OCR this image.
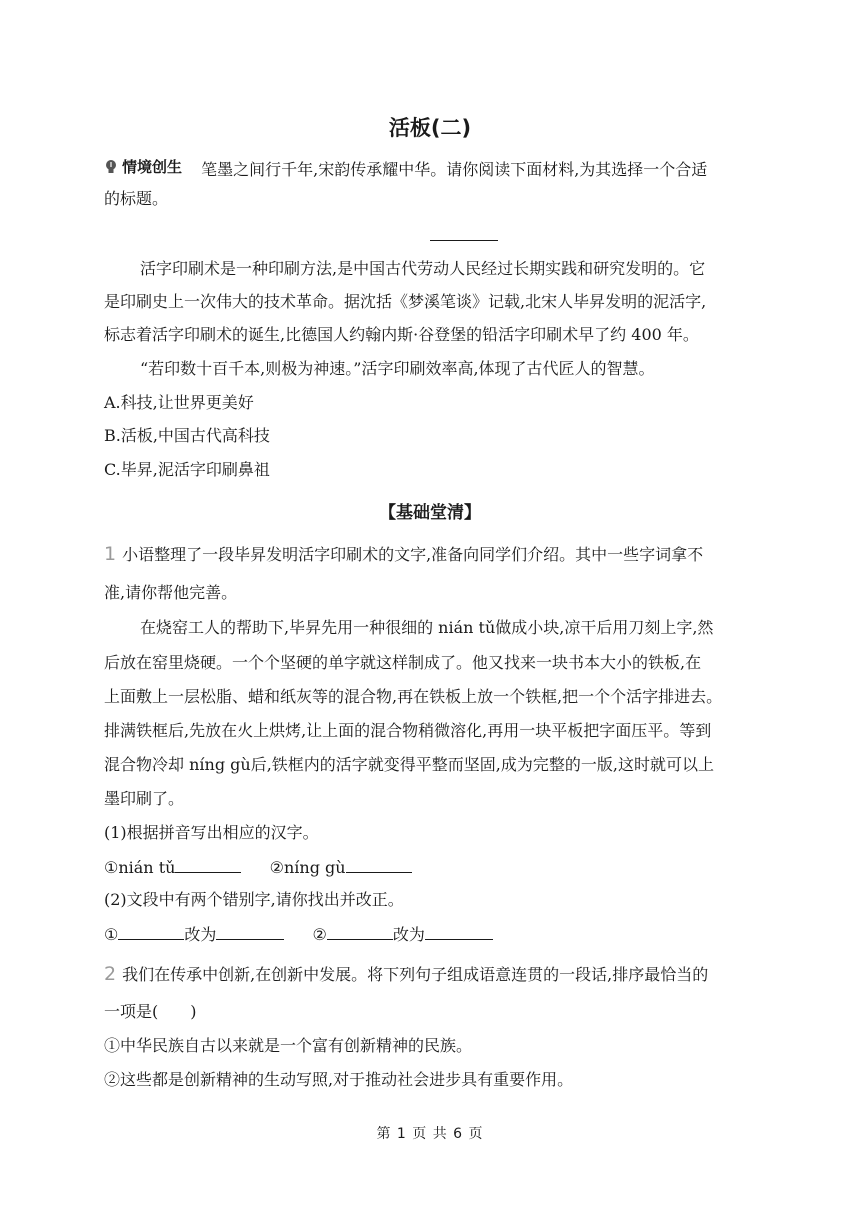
活板(二)
情境创生 笔墨之间行千年,宋韵传承耀中华。请你阅读下面材料,为其选择一个合适
的标题。
活字印刷术是一种印刷方法,是中国古代劳动人民经过长期实践和研究发明的。它
是印刷史上一次伟大的技术革命。据沈括《梦溪笔谈》记载,北宋人毕昇发明的泥活字,
标志着活字印刷术的诞生,比德国人约翰内斯·谷登堡的铅活字印刷术早了约 400 年。
“若印数十百千本,则极为神速。”活字印刷效率高,体现了古代匠人的智慧。
A.科技,让世界更美好
B.活板,中国古代高科技
C.毕昇,泥活字印刷鼻祖
【基础堂清】
1 小语整理了一段毕昇发明活字印刷术的文字,准备向同学们介绍。其中一些字词拿不
准,请你帮他完善。
在烧窑工人的帮助下,毕昇先用一种很细的 nián tǔ做成小块,凉干后用刀刻上字,然
后放在窑里烧硬。一个个坚硬的单字就这样制成了。他又找来一块书本大小的铁板,在
上面敷上一层松脂、蜡和纸灰等的混合物,再在铁板上放一个铁框,把一个个活字排进去。
排满铁框后,先放在火上烘烤,让上面的混合物稍微溶化,再用一块平板把字面压平。等到
混合物冷却 níng gù后,铁框内的活字就变得平整而坚固,成为完整的一版,这时就可以上
墨印刷了。
(1)根据拼音写出相应的汉字。
①nián tǔ	②níng gù
(2)文段中有两个错别字,请你找出并改正。
①	改为	②	改为
2 我们在传承中创新,在创新中发展。将下列句子组成语意连贯的一段话,排序最恰当的
一项是(　　)
①中华民族自古以来就是一个富有创新精神的民族。
②这些都是创新精神的生动写照,对于推动社会进步具有重要作用。
第 1 页 共 6 页
